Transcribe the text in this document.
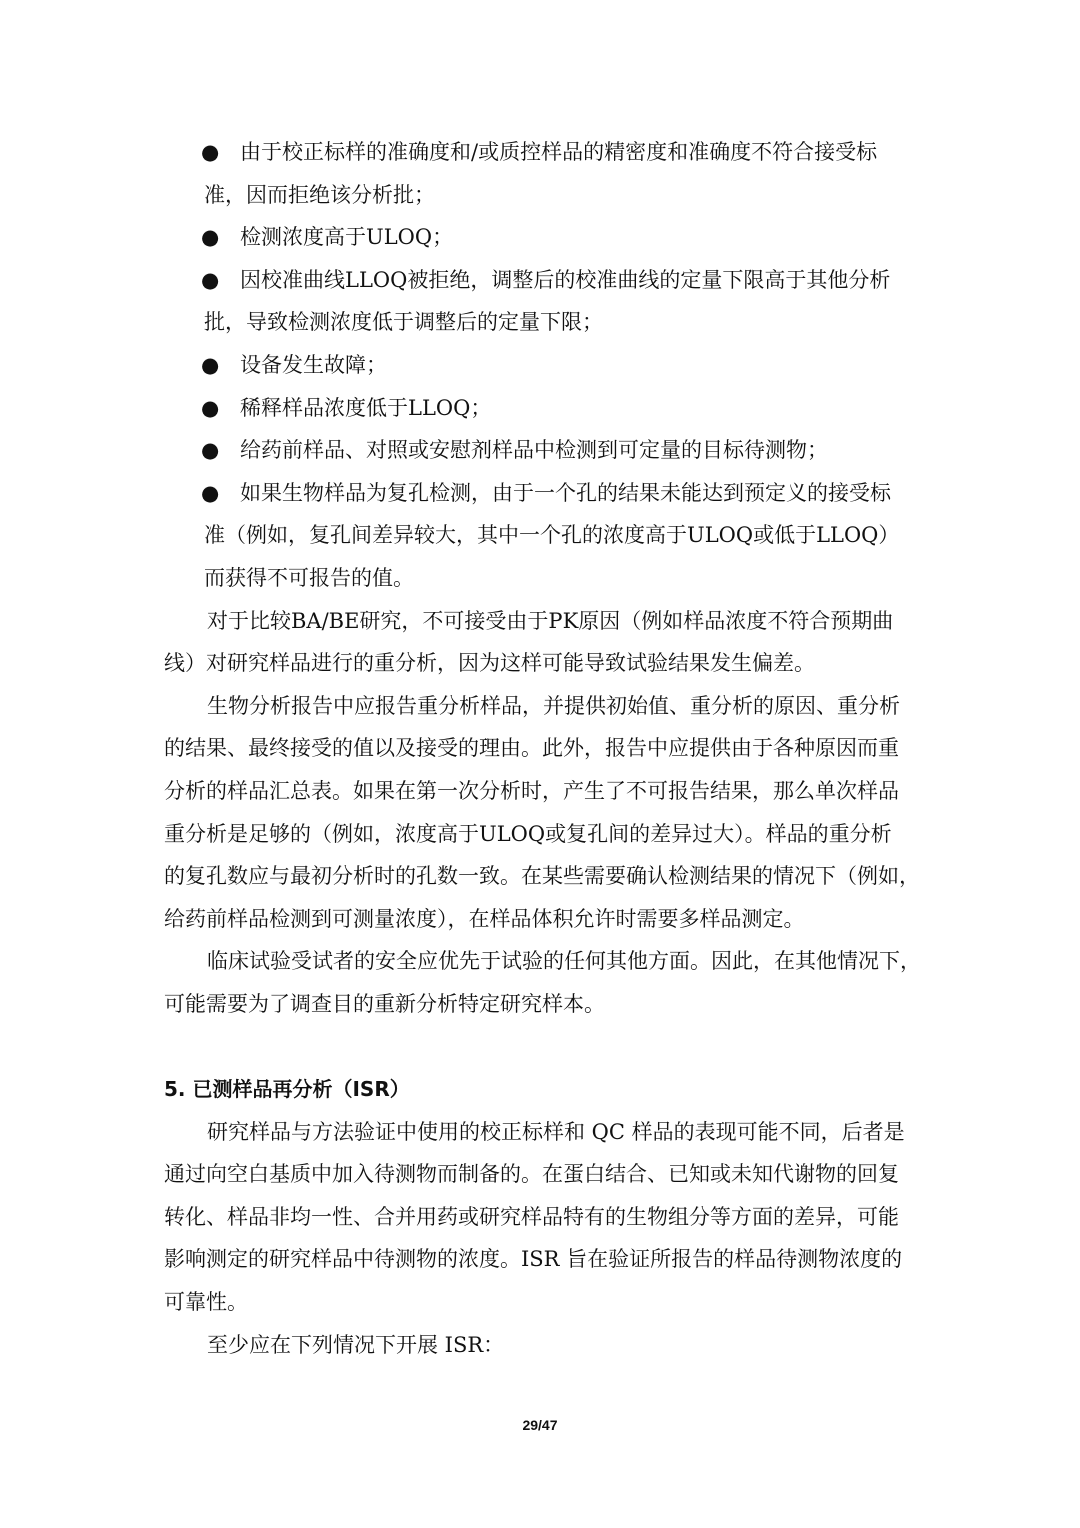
● 由于校正标样的准确度和/或质控样品的精密度和准确度不符合接受标
准，因而拒绝该分析批；
● 检测浓度高于ULOQ；
● 因校准曲线LLOQ被拒绝，调整后的校准曲线的定量下限高于其他分析
批，导致检测浓度低于调整后的定量下限；
● 设备发生故障；
● 稀释样品浓度低于LLOQ；
● 给药前样品、对照或安慰剂样品中检测到可定量的目标待测物；
● 如果生物样品为复孔检测，由于一个孔的结果未能达到预定义的接受标
准（例如，复孔间差异较大，其中一个孔的浓度高于ULOQ或低于LLOQ）
而获得不可报告的值。
对于比较BA/BE研究，不可接受由于PK原因（例如样品浓度不符合预期曲
线）对研究样品进行的重分析，因为这样可能导致试验结果发生偏差。
生物分析报告中应报告重分析样品，并提供初始值、重分析的原因、重分析
的结果、最终接受的值以及接受的理由。此外，报告中应提供由于各种原因而重
分析的样品汇总表。如果在第一次分析时，产生了不可报告结果，那么单次样品
重分析是足够的（例如，浓度高于ULOQ或复孔间的差异过大）。样品的重分析
的复孔数应与最初分析时的孔数一致。在某些需要确认检测结果的情况下（例如，
给药前样品检测到可测量浓度），在样品体积允许时需要多样品测定。
临床试验受试者的安全应优先于试验的任何其他方面。因此，在其他情况下，
可能需要为了调查目的重新分析特定研究样本。
5. 已测样品再分析（ISR）
研究样品与方法验证中使用的校正标样和 QC 样品的表现可能不同，后者是
通过向空白基质中加入待测物而制备的。在蛋白结合、已知或未知代谢物的回复
转化、样品非均一性、合并用药或研究样品特有的生物组分等方面的差异，可能
影响测定的研究样品中待测物的浓度。ISR 旨在验证所报告的样品待测物浓度的
可靠性。
至少应在下列情况下开展 ISR：
29/47
